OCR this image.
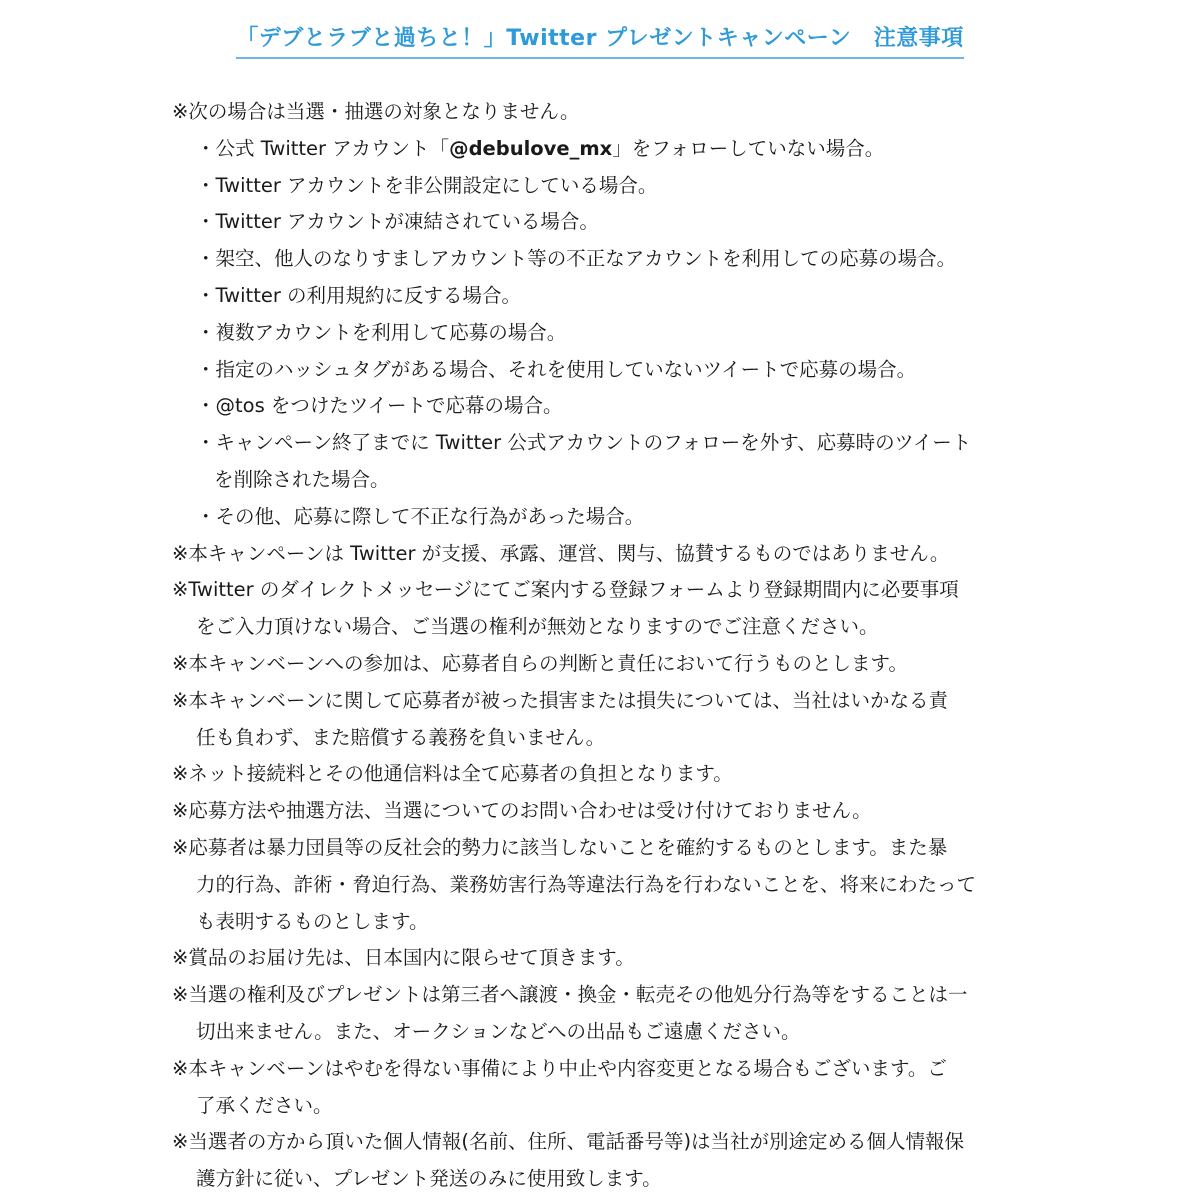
「デブとラブと過ちと！」Twitter プレゼントキャンペーン　注意事項
※次の場合は当選・抽選の対象となりません。
・公式 Twitter アカウント「@debulove_mx」をフォローしていない場合。
・Twitter アカウントを非公開設定にしている場合。
・Twitter アカウントが凍結されている場合。
・架空、他人のなりすましアカウント等の不正なアカウントを利用しての応募の場合。
・Twitter の利用規約に反する場合。
・複数アカウントを利用して応募の場合。
・指定のハッシュタグがある場合、それを使用していないツイートで応募の場合。
・@tos をつけたツイートで応幕の場合。
・キャンペーン終了までに Twitter 公式アカウントのフォローを外す、応募時のツイート
を削除された場合。
・その他、応募に際して不正な行為があった場合。
※本キャンペーンは Twitter が支援、承露、運営、関与、協賛するものではありません。
※Twitter のダイレクトメッセージにてご案内する登録フォームより登録期間内に必要事項
をご入力頂けない場合、ご当選の権利が無効となりますのでご注意ください。
※本キャンベーンへの参加は、応募者自らの判断と責任において行うものとします。
※本キャンベーンに関して応募者が被った損害または損失については、当社はいかなる責
任も負わず、また賠償する義務を負いません。
※ネット接続料とその他通信料は全て応募者の負担となります。
※応募方法や抽選方法、当選についてのお問い合わせは受け付けておりません。
※応募者は暴力団員等の反社会的勢力に該当しないことを確約するものとします。また暴
力的行為、詐術・脅迫行為、業務妨害行為等違法行為を行わないことを、将来にわたって
も表明するものとします。
※賞品のお届け先は、日本国内に限らせて頂きます。
※当選の権利及びプレゼントは第三者へ譲渡・換金・転売その他処分行為等をすることは一
切出来ません。また、オークションなどへの出品もご遠慮ください。
※本キャンベーンはやむを得ない事備により中止や内容変更となる場合もございます。ご
了承ください。
※当選者の方から頂いた個人情報(名前、住所、電話番号等)は当社が別途定める個人情報保
護方針に従い、プレゼント発送のみに使用致します。
